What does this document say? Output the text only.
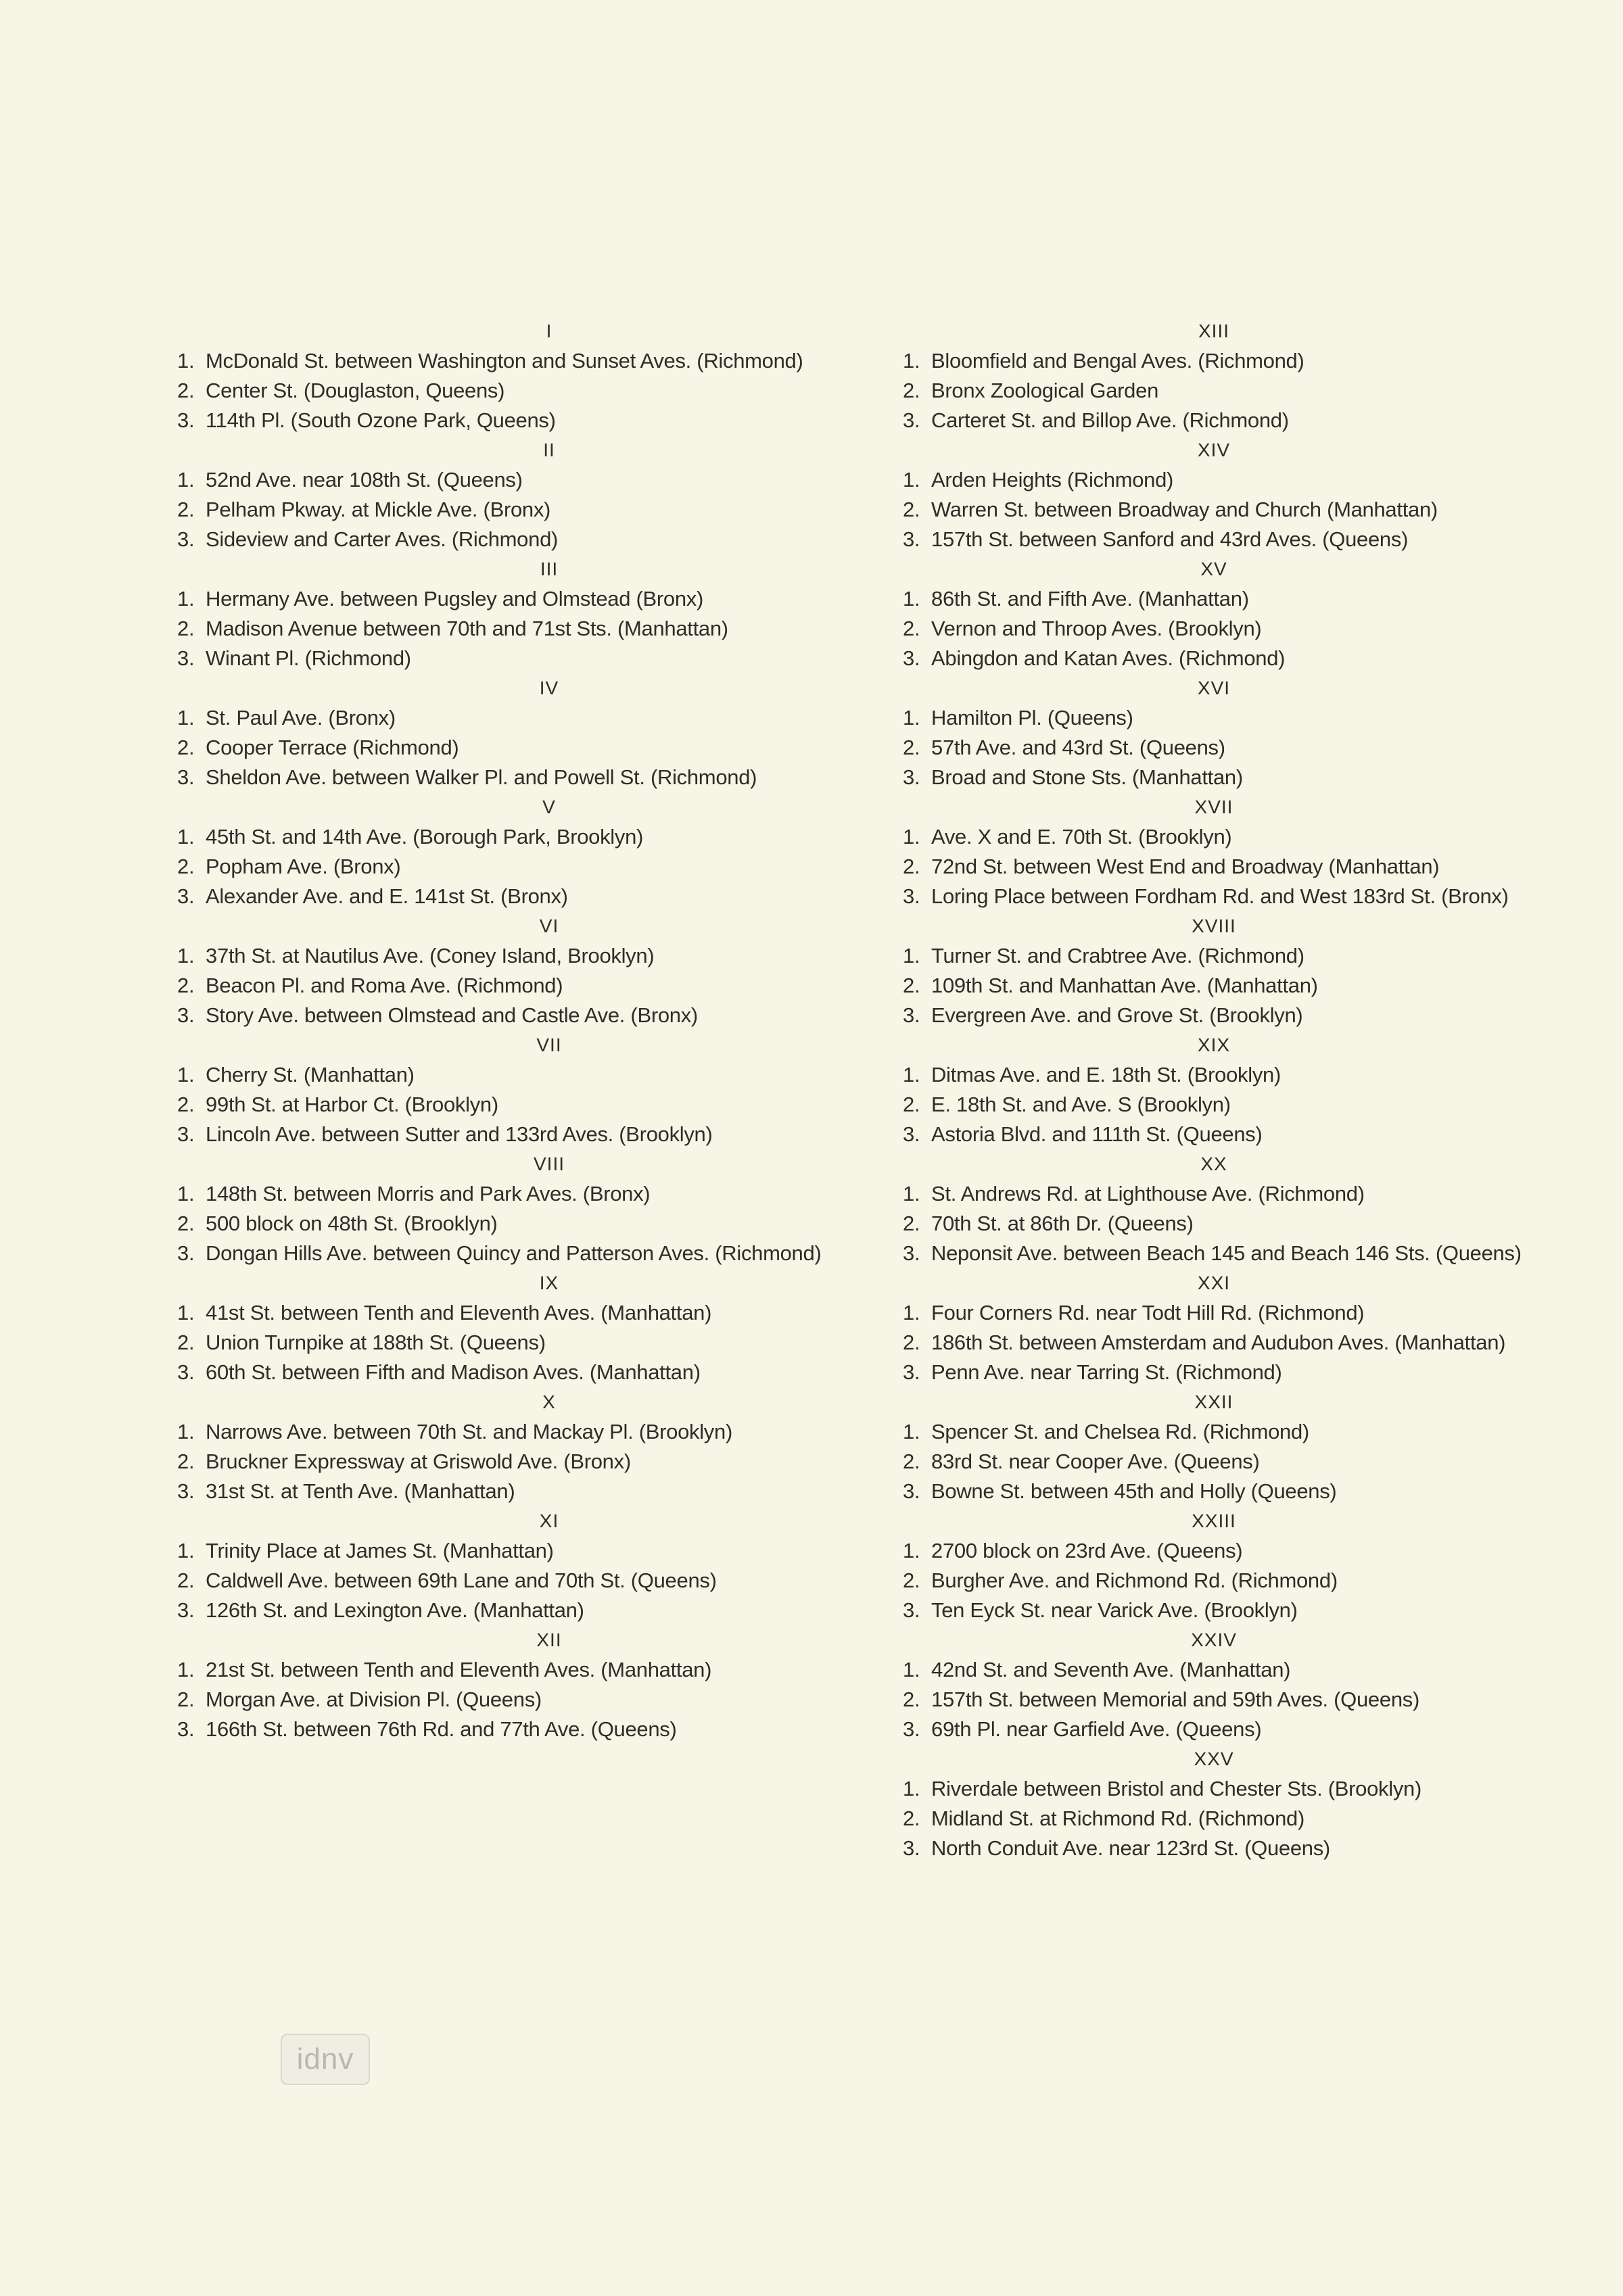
I
1. McDonald St. between Washington and Sunset Aves. (Richmond)
2. Center St. (Douglaston, Queens)
3. 114th Pl. (South Ozone Park, Queens)
II
1. 52nd Ave. near 108th St. (Queens)
2. Pelham Pkway. at Mickle Ave. (Bronx)
3. Sideview and Carter Aves. (Richmond)
III
1. Hermany Ave. between Pugsley and Olmstead (Bronx)
2. Madison Avenue between 70th and 71st Sts. (Manhattan)
3. Winant Pl. (Richmond)
IV
1. St. Paul Ave. (Bronx)
2. Cooper Terrace (Richmond)
3. Sheldon Ave. between Walker Pl. and Powell St. (Richmond)
V
1. 45th St. and 14th Ave. (Borough Park, Brooklyn)
2. Popham Ave. (Bronx)
3. Alexander Ave. and E. 141st St. (Bronx)
VI
1. 37th St. at Nautilus Ave. (Coney Island, Brooklyn)
2. Beacon Pl. and Roma Ave. (Richmond)
3. Story Ave. between Olmstead and Castle Ave. (Bronx)
VII
1. Cherry St. (Manhattan)
2. 99th St. at Harbor Ct. (Brooklyn)
3. Lincoln Ave. between Sutter and 133rd Aves. (Brooklyn)
VIII
1. 148th St. between Morris and Park Aves. (Bronx)
2. 500 block on 48th St. (Brooklyn)
3. Dongan Hills Ave. between Quincy and Patterson Aves. (Richmond)
IX
1. 41st St. between Tenth and Eleventh Aves. (Manhattan)
2. Union Turnpike at 188th St. (Queens)
3. 60th St. between Fifth and Madison Aves. (Manhattan)
X
1. Narrows Ave. between 70th St. and Mackay Pl. (Brooklyn)
2. Bruckner Expressway at Griswold Ave. (Bronx)
3. 31st St. at Tenth Ave. (Manhattan)
XI
1. Trinity Place at James St. (Manhattan)
2. Caldwell Ave. between 69th Lane and 70th St. (Queens)
3. 126th St. and Lexington Ave. (Manhattan)
XII
1. 21st St. between Tenth and Eleventh Aves. (Manhattan)
2. Morgan Ave. at Division Pl. (Queens)
3. 166th St. between 76th Rd. and 77th Ave. (Queens)
XIII
1. Bloomfield and Bengal Aves. (Richmond)
2. Bronx Zoological Garden
3. Carteret St. and Billop Ave. (Richmond)
XIV
1. Arden Heights (Richmond)
2. Warren St. between Broadway and Church (Manhattan)
3. 157th St. between Sanford and 43rd Aves. (Queens)
XV
1. 86th St. and Fifth Ave. (Manhattan)
2. Vernon and Throop Aves. (Brooklyn)
3. Abingdon and Katan Aves. (Richmond)
XVI
1. Hamilton Pl. (Queens)
2. 57th Ave. and 43rd St. (Queens)
3. Broad and Stone Sts. (Manhattan)
XVII
1. Ave. X and E. 70th St. (Brooklyn)
2. 72nd St. between West End and Broadway (Manhattan)
3. Loring Place between Fordham Rd. and West 183rd St. (Bronx)
XVIII
1. Turner St. and Crabtree Ave. (Richmond)
2. 109th St. and Manhattan Ave. (Manhattan)
3. Evergreen Ave. and Grove St. (Brooklyn)
XIX
1. Ditmas Ave. and E. 18th St. (Brooklyn)
2. E. 18th St. and Ave. S (Brooklyn)
3. Astoria Blvd. and 111th St. (Queens)
XX
1. St. Andrews Rd. at Lighthouse Ave. (Richmond)
2. 70th St. at 86th Dr. (Queens)
3. Neponsit Ave. between Beach 145 and Beach 146 Sts. (Queens)
XXI
1. Four Corners Rd. near Todt Hill Rd. (Richmond)
2. 186th St. between Amsterdam and Audubon Aves. (Manhattan)
3. Penn Ave. near Tarring St. (Richmond)
XXII
1. Spencer St. and Chelsea Rd. (Richmond)
2. 83rd St. near Cooper Ave. (Queens)
3. Bowne St. between 45th and Holly (Queens)
XXIII
1. 2700 block on 23rd Ave. (Queens)
2. Burgher Ave. and Richmond Rd. (Richmond)
3. Ten Eyck St. near Varick Ave. (Brooklyn)
XXIV
1. 42nd St. and Seventh Ave. (Manhattan)
2. 157th St. between Memorial and 59th Aves. (Queens)
3. 69th Pl. near Garfield Ave. (Queens)
XXV
1. Riverdale between Bristol and Chester Sts. (Brooklyn)
2. Midland St. at Richmond Rd. (Richmond)
3. North Conduit Ave. near 123rd St. (Queens)
idnv
